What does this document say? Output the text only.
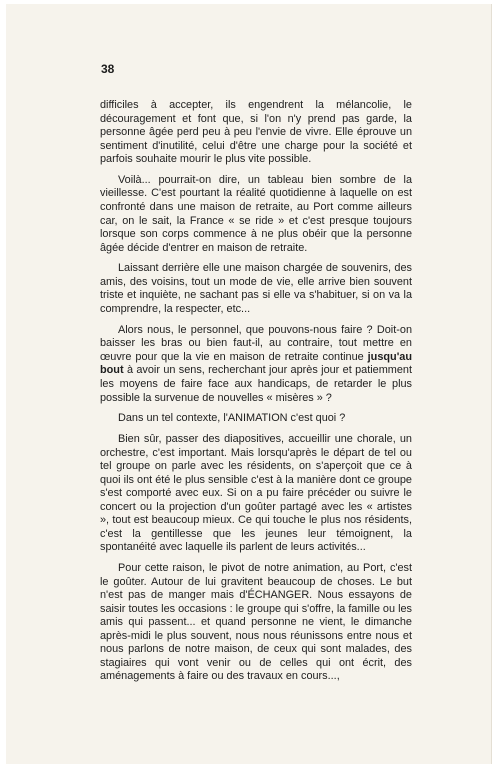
38

difficiles à accepter, ils engendrent la mélancolie, le découragement et font que, si l'on n'y prend pas garde, la personne âgée perd peu à peu l'envie de vivre. Elle éprouve un sentiment d'inutilité, celui d'être une charge pour la société et parfois souhaite mourir le plus vite possible.

Voilà... pourrait-on dire, un tableau bien sombre de la vieillesse. C'est pourtant la réalité quotidienne à laquelle on est confronté dans une maison de retraite, au Port comme ailleurs car, on le sait, la France « se ride » et c'est presque toujours lorsque son corps commence à ne plus obéir que la personne âgée décide d'entrer en maison de retraite.

Laissant derrière elle une maison chargée de souvenirs, des amis, des voisins, tout un mode de vie, elle arrive bien souvent triste et inquiète, ne sachant pas si elle va s'habituer, si on va la comprendre, la respecter, etc...

Alors nous, le personnel, que pouvons-nous faire ? Doit-on baisser les bras ou bien faut-il, au contraire, tout mettre en œuvre pour que la vie en maison de retraite continue jusqu'au bout à avoir un sens, recherchant jour après jour et patiemment les moyens de faire face aux handicaps, de retarder le plus possible la survenue de nouvelles « misères » ?

Dans un tel contexte, l'ANIMATION c'est quoi ?

Bien sûr, passer des diapositives, accueillir une chorale, un orchestre, c'est important. Mais lorsqu'après le départ de tel ou tel groupe on parle avec les résidents, on s'aperçoit que ce à quoi ils ont été le plus sensible c'est à la manière dont ce groupe s'est comporté avec eux. Si on a pu faire précéder ou suivre le concert ou la projection d'un goûter partagé avec les « artistes », tout est beaucoup mieux. Ce qui touche le plus nos résidents, c'est la gentillesse que les jeunes leur témoignent, la spontanéité avec laquelle ils parlent de leurs activités...

Pour cette raison, le pivot de notre animation, au Port, c'est le goûter. Autour de lui gravitent beaucoup de choses. Le but n'est pas de manger mais d'ÉCHANGER. Nous essayons de saisir toutes les occasions : le groupe qui s'offre, la famille ou les amis qui passent... et quand personne ne vient, le dimanche après-midi le plus souvent, nous nous réunissons entre nous et nous parlons de notre maison, de ceux qui sont malades, des stagiaires qui vont venir ou de celles qui ont écrit, des aménagements à faire ou des travaux en cours...,
